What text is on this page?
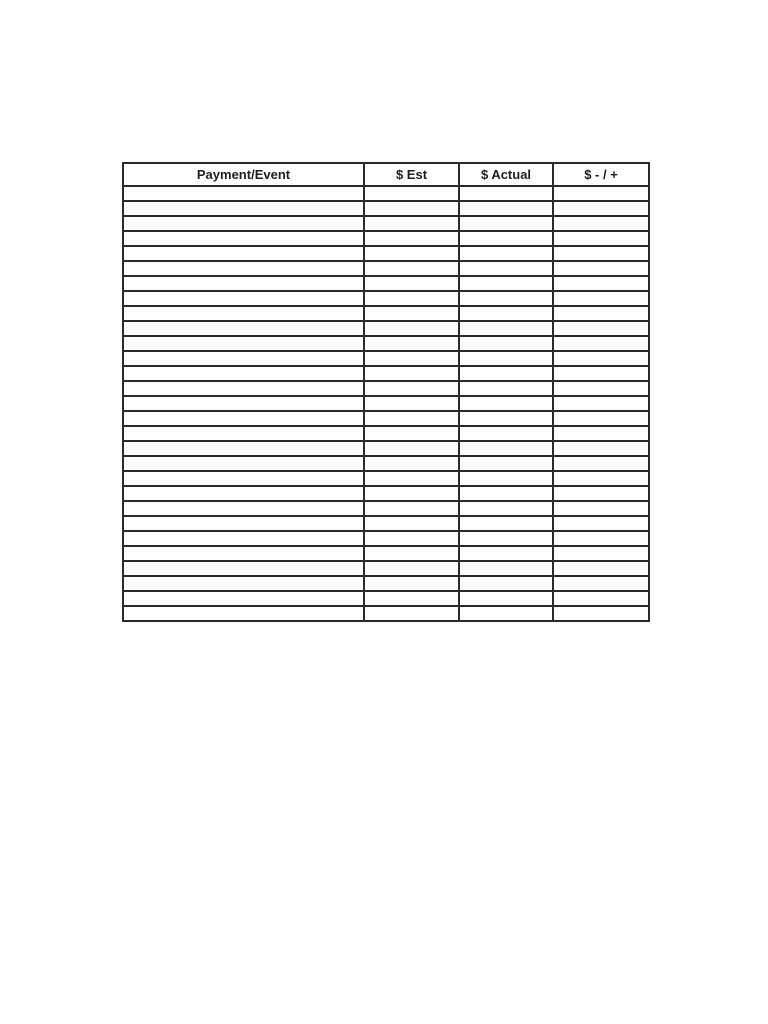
Payment/Event	$ Est	$ Actual	$ - / +
